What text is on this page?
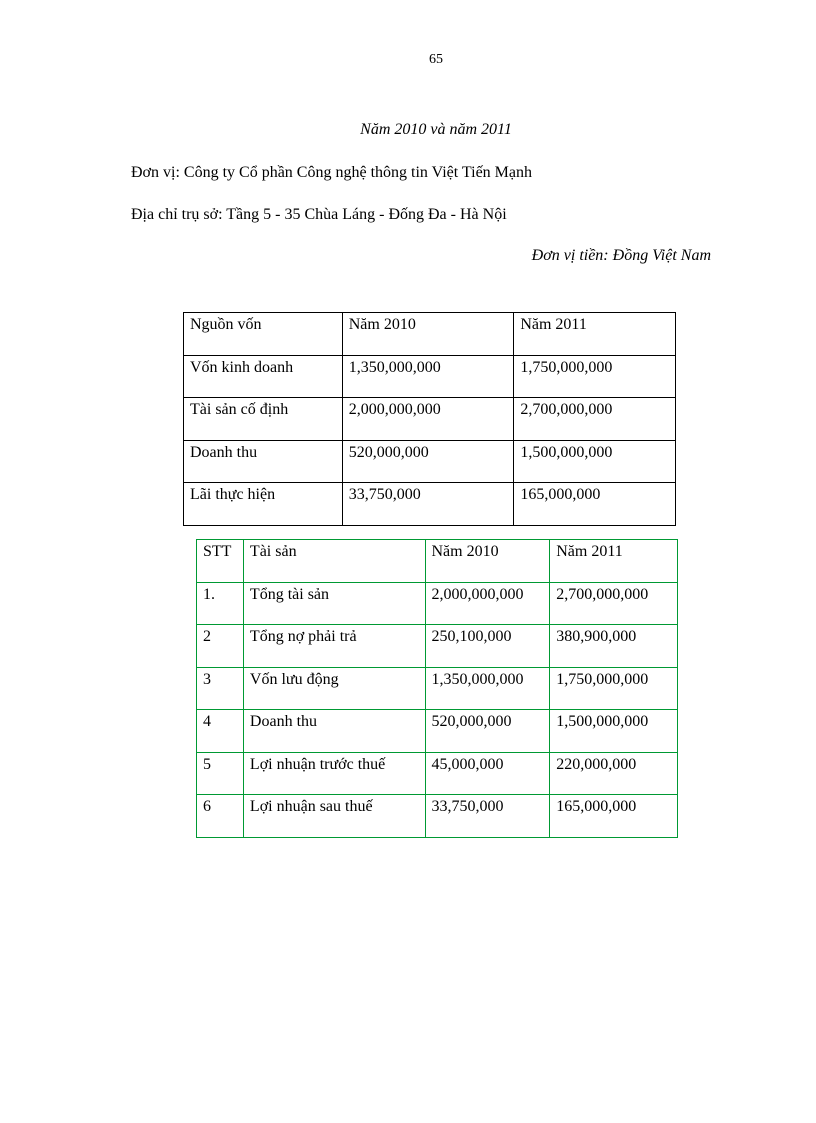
65
Năm 2010 và năm 2011
Đơn vị: Công ty Cổ phần Công nghệ thông tin Việt Tiến Mạnh
Địa chỉ trụ sở: Tầng 5 - 35 Chùa Láng - Đống Đa - Hà Nội
Đơn vị tiền: Đồng Việt Nam
Nguồn vốn	Năm 2010	Năm 2011
Vốn kinh doanh	1,350,000,000	1,750,000,000
Tài sản cố định	2,000,000,000	2,700,000,000
Doanh thu	520,000,000	1,500,000,000
Lãi thực hiện	33,750,000	165,000,000
STT	Tài sản	Năm 2010	Năm 2011
1.	Tổng tài sản	2,000,000,000	2,700,000,000
2	Tổng nợ phải trả	250,100,000	380,900,000
3	Vốn lưu động	1,350,000,000	1,750,000,000
4	Doanh thu	520,000,000	1,500,000,000
5	Lợi nhuận trước thuế	45,000,000	220,000,000
6	Lợi nhuận sau thuế	33,750,000	165,000,000
